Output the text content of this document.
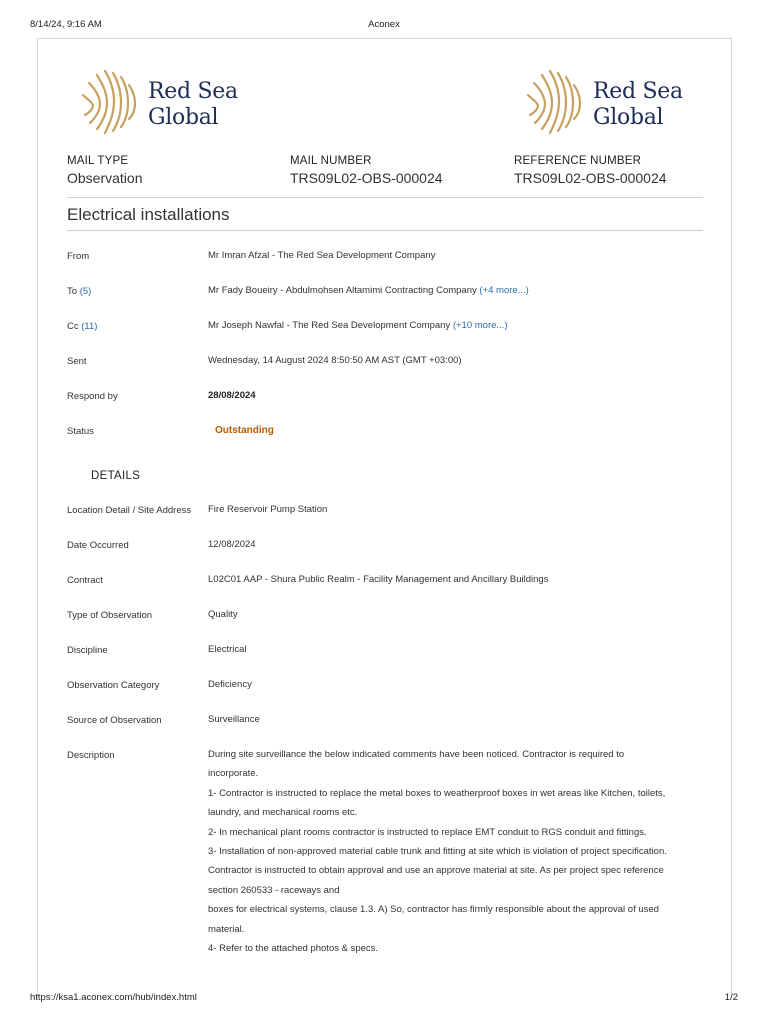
8/14/24, 9:16 AM	Aconex
Red Sea
Global
Red Sea
Global
MAIL TYPE
Observation
MAIL NUMBER
TRS09L02-OBS-000024
REFERENCE NUMBER
TRS09L02-OBS-000024
Electrical installations
From	Mr Imran Afzal - The Red Sea Development Company
To (5)	Mr Fady Boueiry - Abdulmohsen Altamimi Contracting Company (+4 more...)
Cc (11)	Mr Joseph Nawfal - The Red Sea Development Company (+10 more...)
Sent	Wednesday, 14 August 2024 8:50:50 AM AST (GMT +03:00)
Respond by	28/08/2024
Status	Outstanding
DETAILS
Location Detail / Site Address	Fire Reservoir Pump Station
Date Occurred	12/08/2024
Contract	L02C01 AAP - Shura Public Realm - Facility Management and Ancillary Buildings
Type of Observation	Quality
Discipline	Electrical
Observation Category	Deficiency
Source of Observation	Surveillance
Description	During site surveillance the below indicated comments have been noticed. Contractor is required to
incorporate.
1- Contractor is instructed to replace the metal boxes to weatherproof boxes in wet areas like Kitchen, toilets,
laundry, and mechanical rooms etc.
2- In mechanical plant rooms contractor is instructed to replace EMT conduit to RGS conduit and fittings.
3- Installation of non-approved material cable trunk and fitting at site which is violation of project specification.
Contractor is instructed to obtain approval and use an approve material at site. As per project spec reference
section 260533 - raceways and
boxes for electrical systems, clause 1.3. A) So, contractor has firmly responsible about the approval of used
material.
4- Refer to the attached photos & specs.
https://ksa1.aconex.com/hub/index.html	1/2
